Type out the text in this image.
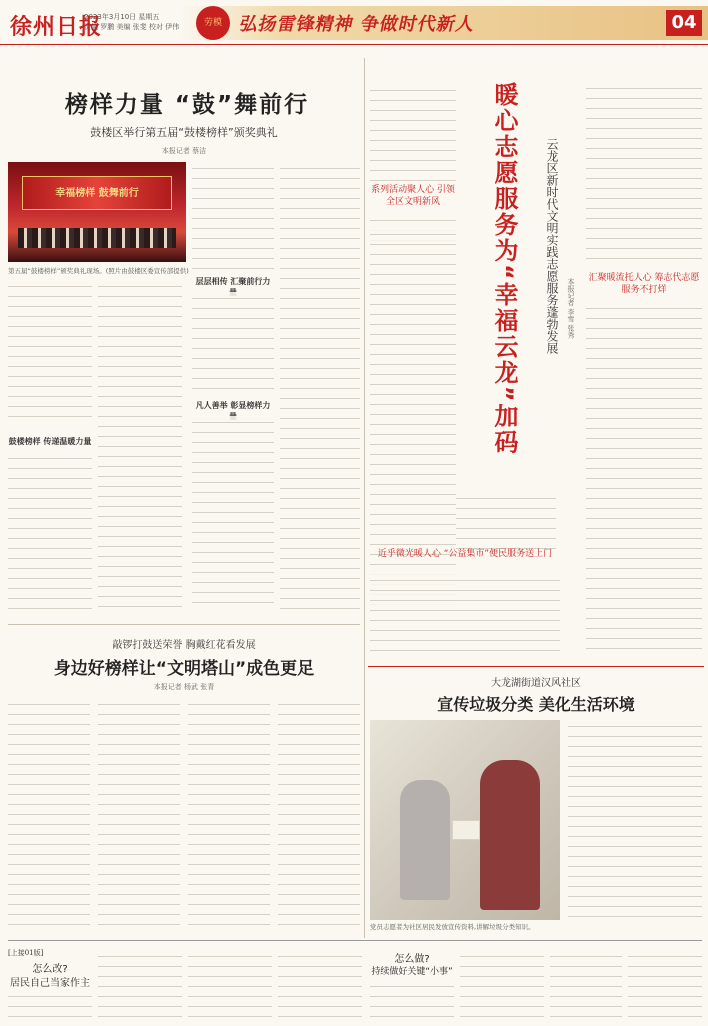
徐州日报
2023年3月10日 星期五
责编 罗鹏 美编 张斐 校对 伊伟	劳模 弘扬雷锋精神 争做时代新人	04
榜样力量 “鼓”舞前行
鼓楼区举行第五届“鼓楼榜样”颁奖典礼
本报记者 蔡洁
幸福榜样 鼓舞前行
第五届“鼓楼榜样”颁奖典礼现场。(照片由鼓楼区委宣传部提供)
鼓楼榜样 传递温暖力量
层层相传 汇聚前行力
凡人善举 彰显榜样力
敲锣打鼓送荣誉 胸戴红花看发展
身边好榜样让“文明塔山”成色更足
本报记者 杨武 张青
系列活动聚人心 引领全区文明新风	暖心志愿服务为“幸福云龙”加码	云龙区新时代文明实践志愿服务蓬勃发展 本报记者 李雪 张秀
近乎微光暖人心 “公益集市”便民服务送上门
汇聚暖流托人心 筹志代志愿服务不打烊
大龙湖街道汉风社区
宣传垃圾分类 美化生活环境
党员志愿者为社区居民发放宣传资料,讲解垃圾分类知识。
[上接01版]
怎么改?
居民自己当家作主
怎么做?
持续做好关键“小事”
